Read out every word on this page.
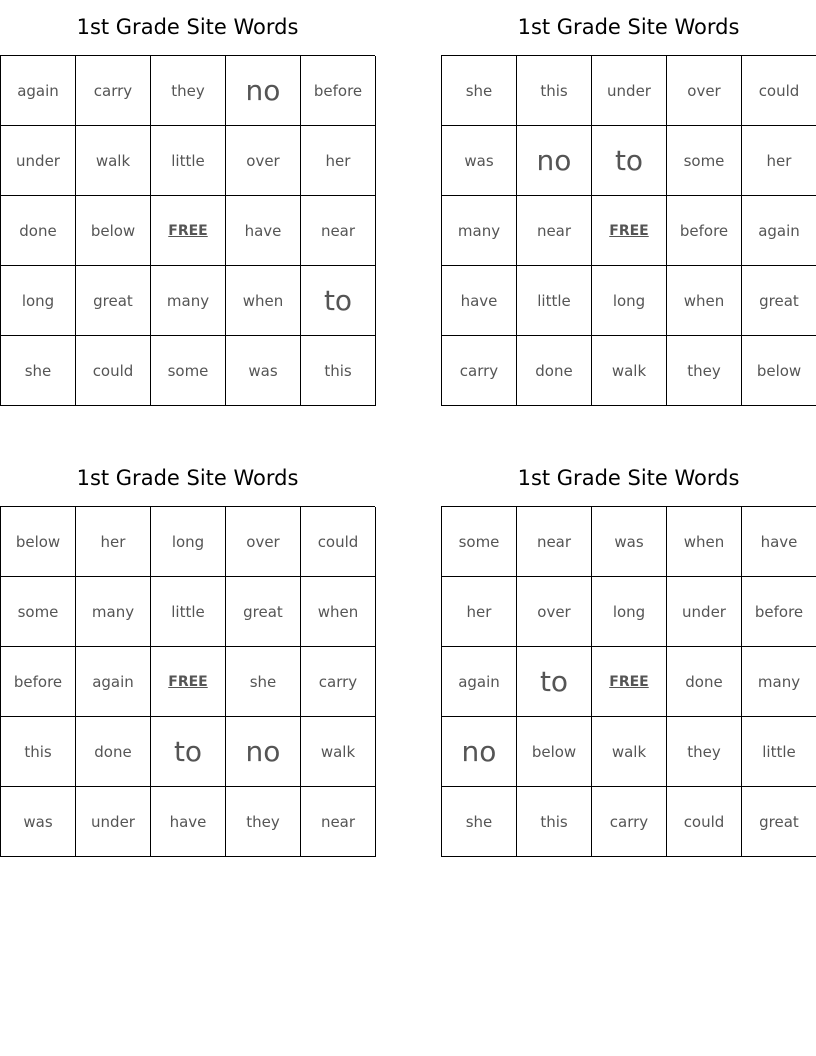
1st Grade Site Words
again	carry	they	no	before
under	walk	little	over	her
done	below	FREE	have	near
long	great	many	when	to
she	could	some	was	this
1st Grade Site Words
she	this	under	over	could
was	no	to	some	her
many	near	FREE	before	again
have	little	long	when	great
carry	done	walk	they	below
1st Grade Site Words
below	her	long	over	could
some	many	little	great	when
before	again	FREE	she	carry
this	done	to	no	walk
was	under	have	they	near
1st Grade Site Words
some	near	was	when	have
her	over	long	under	before
again	to	FREE	done	many
no	below	walk	they	little
she	this	carry	could	great
